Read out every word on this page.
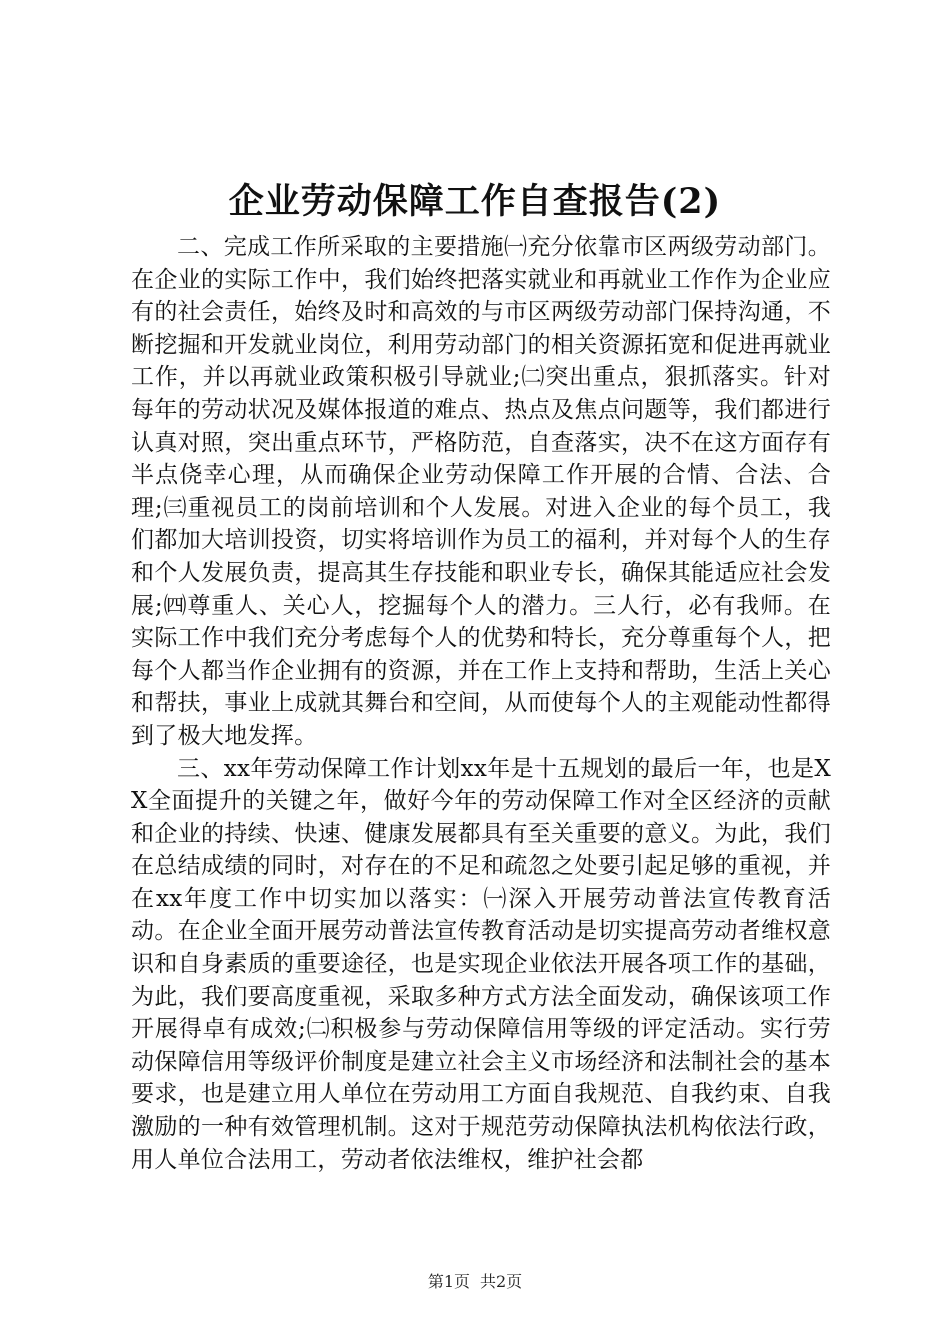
企业劳动保障工作自查报告(2)

二、完成工作所采取的主要措施㈠充分依靠市区两级劳动部门。在企业的实际工作中，我们始终把落实就业和再就业工作作为企业应有的社会责任，始终及时和高效的与市区两级劳动部门保持沟通，不断挖掘和开发就业岗位，利用劳动部门的相关资源拓宽和促进再就业工作，并以再就业政策积极引导就业;㈡突出重点，狠抓落实。针对每年的劳动状况及媒体报道的难点、热点及焦点问题等，我们都进行认真对照，突出重点环节，严格防范，自查落实，决不在这方面存有半点侥幸心理，从而确保企业劳动保障工作开展的合情、合法、合理;㈢重视员工的岗前培训和个人发展。对进入企业的每个员工，我们都加大培训投资，切实将培训作为员工的福利，并对每个人的生存和个人发展负责，提高其生存技能和职业专长，确保其能适应社会发展;㈣尊重人、关心人，挖掘每个人的潜力。三人行，必有我师。在实际工作中我们充分考虑每个人的优势和特长，充分尊重每个人，把每个人都当作企业拥有的资源，并在工作上支持和帮助，生活上关心和帮扶，事业上成就其舞台和空间，从而使每个人的主观能动性都得到了极大地发挥。

三、xx年劳动保障工作计划xx年是十五规划的最后一年，也是XX全面提升的关键之年，做好今年的劳动保障工作对全区经济的贡献和企业的持续、快速、健康发展都具有至关重要的意义。为此，我们在总结成绩的同时，对存在的不足和疏忽之处要引起足够的重视，并在xx年度工作中切实加以落实：㈠深入开展劳动普法宣传教育活动。在企业全面开展劳动普法宣传教育活动是切实提高劳动者维权意识和自身素质的重要途径，也是实现企业依法开展各项工作的基础，为此，我们要高度重视，采取多种方式方法全面发动，确保该项工作开展得卓有成效;㈡积极参与劳动保障信用等级的评定活动。实行劳动保障信用等级评价制度是建立社会主义市场经济和法制社会的基本要求，也是建立用人单位在劳动用工方面自我规范、自我约束、自我激励的一种有效管理机制。这对于规范劳动保障执法机构依法行政，用人单位合法用工，劳动者依法维权，维护社会都

第1页 共2页
